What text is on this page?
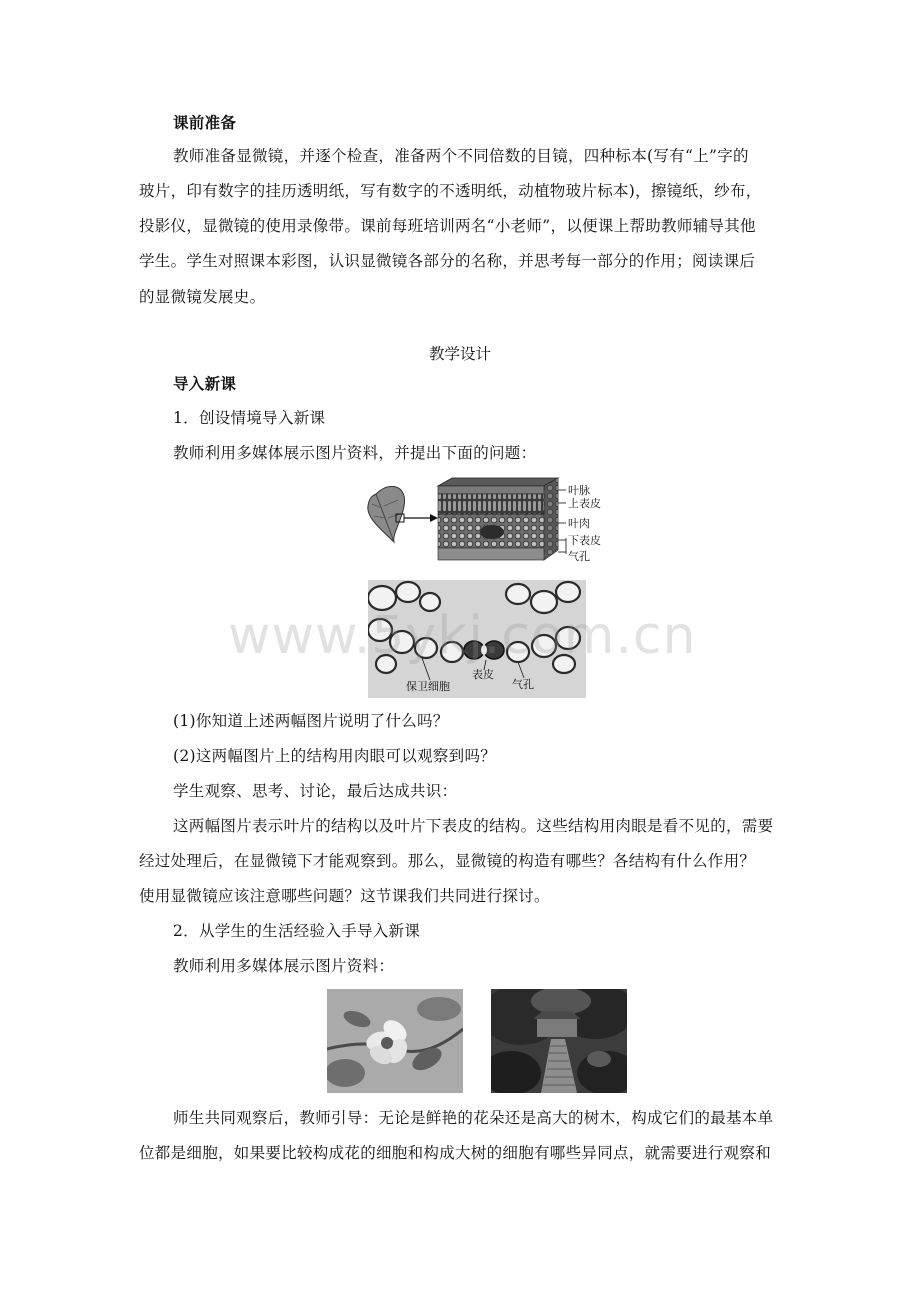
课前准备
教师准备显微镜，并逐个检查，准备两个不同倍数的目镜，四种标本(写有“上”字的
玻片，印有数字的挂历透明纸，写有数字的不透明纸，动植物玻片标本)，擦镜纸，纱布，
投影仪，显微镜的使用录像带。课前每班培训两名“小老师”，以便课上帮助教师辅导其他
学生。学生对照课本彩图，认识显微镜各部分的名称，并思考每一部分的作用；阅读课后
的显微镜发展史。
教学设计
导入新课
1．创设情境导入新课
教师利用多媒体展示图片资料，并提出下面的问题：
叶脉
上表皮
叶肉
下表皮
气孔
保卫细胞
表皮
气孔
www.5ykj.com.cn
(1)你知道上述两幅图片说明了什么吗？
(2)这两幅图片上的结构用肉眼可以观察到吗？
学生观察、思考、讨论，最后达成共识：
这两幅图片表示叶片的结构以及叶片下表皮的结构。这些结构用肉眼是看不见的，需要
经过处理后，在显微镜下才能观察到。那么，显微镜的构造有哪些？各结构有什么作用？
使用显微镜应该注意哪些问题？这节课我们共同进行探讨。
2．从学生的生活经验入手导入新课
教师利用多媒体展示图片资料：
师生共同观察后，教师引导：无论是鲜艳的花朵还是高大的树木，构成它们的最基本单
位都是细胞，如果要比较构成花的细胞和构成大树的细胞有哪些异同点，就需要进行观察和
